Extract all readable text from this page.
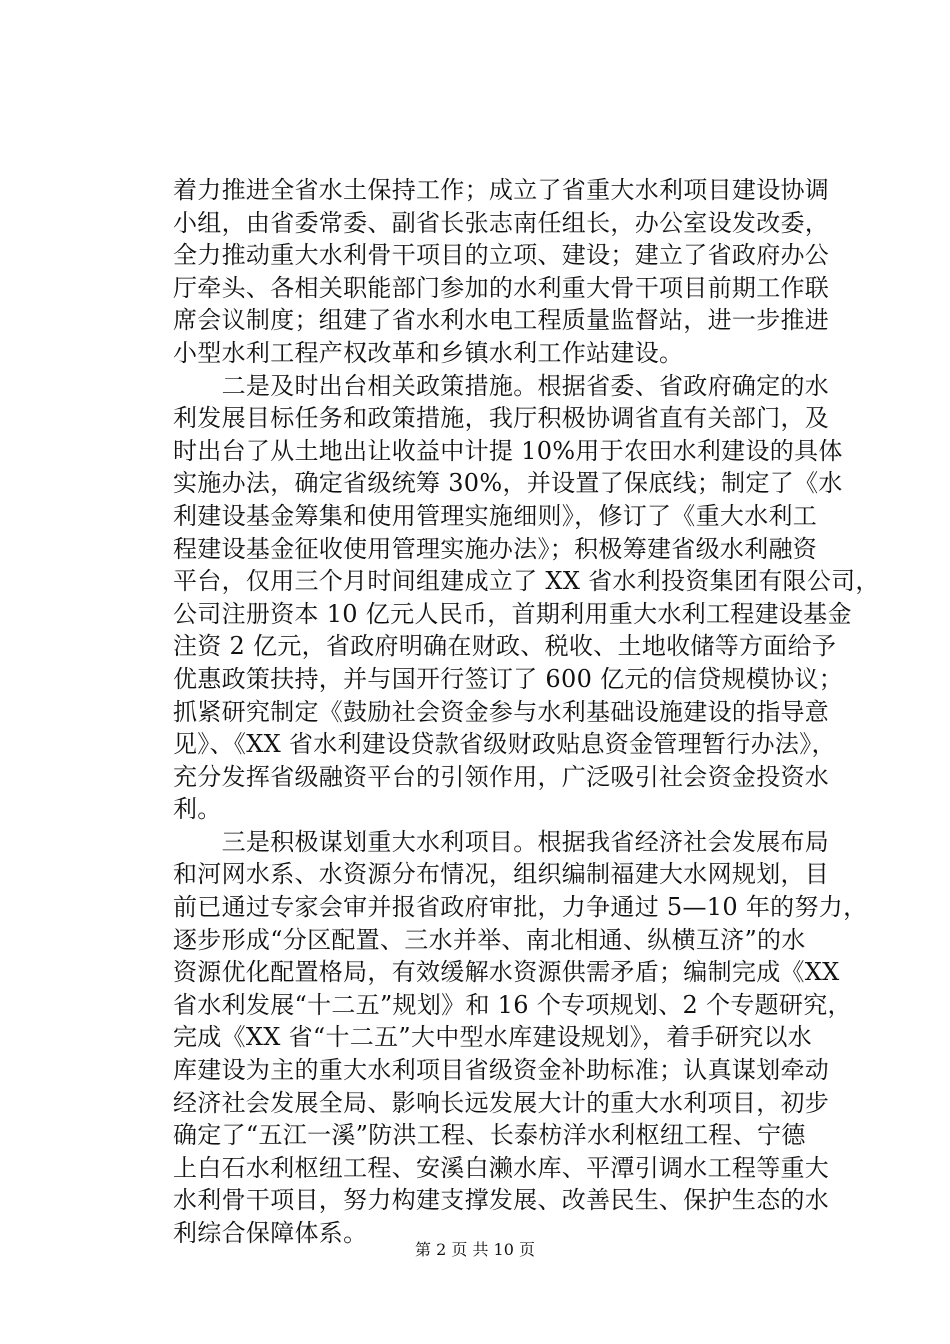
着力推进全省水土保持工作；成立了省重大水利项目建设协调
小组，由省委常委、副省长张志南任组长，办公室设发改委，
全力推动重大水利骨干项目的立项、建设；建立了省政府办公
厅牵头、各相关职能部门参加的水利重大骨干项目前期工作联
席会议制度；组建了省水利水电工程质量监督站，进一步推进
小型水利工程产权改革和乡镇水利工作站建设。
　　二是及时出台相关政策措施。根据省委、省政府确定的水
利发展目标任务和政策措施，我厅积极协调省直有关部门，及
时出台了从土地出让收益中计提 10%用于农田水利建设的具体
实施办法，确定省级统筹 30%，并设置了保底线；制定了《水
利建设基金筹集和使用管理实施细则》，修订了《重大水利工
程建设基金征收使用管理实施办法》；积极筹建省级水利融资
平台，仅用三个月时间组建成立了 XX 省水利投资集团有限公司，
公司注册资本 10 亿元人民币，首期利用重大水利工程建设基金
注资 2 亿元，省政府明确在财政、税收、土地收储等方面给予
优惠政策扶持，并与国开行签订了 600 亿元的信贷规模协议；
抓紧研究制定《鼓励社会资金参与水利基础设施建设的指导意
见》、《XX 省水利建设贷款省级财政贴息资金管理暂行办法》，
充分发挥省级融资平台的引领作用，广泛吸引社会资金投资水
利。
　　三是积极谋划重大水利项目。根据我省经济社会发展布局
和河网水系、水资源分布情况，组织编制福建大水网规划，目
前已通过专家会审并报省政府审批，力争通过 5—10 年的努力，
逐步形成“分区配置、三水并举、南北相通、纵横互济”的水
资源优化配置格局，有效缓解水资源供需矛盾；编制完成《XX
省水利发展“十二五”规划》和 16 个专项规划、2 个专题研究，
完成《XX 省“十二五”大中型水库建设规划》，着手研究以水
库建设为主的重大水利项目省级资金补助标准；认真谋划牵动
经济社会发展全局、影响长远发展大计的重大水利项目，初步
确定了“五江一溪”防洪工程、长泰枋洋水利枢纽工程、宁德
上白石水利枢纽工程、安溪白濑水库、平潭引调水工程等重大
水利骨干项目，努力构建支撑发展、改善民生、保护生态的水
利综合保障体系。
第 2 页 共 10 页
